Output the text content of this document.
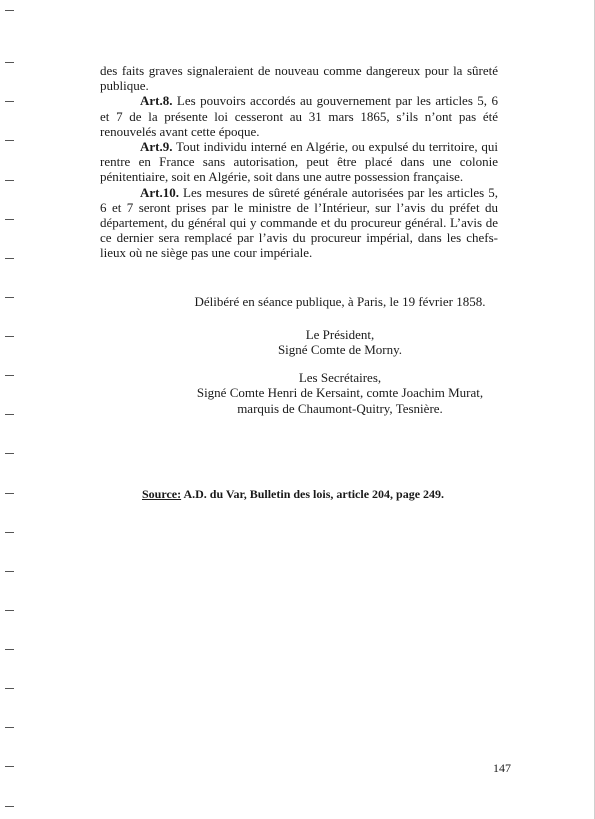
des faits graves signaleraient de nouveau comme dangereux pour la sûreté publique.

Art.8. Les pouvoirs accordés au gouvernement par les articles 5, 6 et 7 de la présente loi cesseront au 31 mars 1865, s’ils n’ont pas été renouvelés avant cette époque.

Art.9. Tout individu interné en Algérie, ou expulsé du territoire, qui rentre en France sans autorisation, peut être placé dans une colonie pénitentiaire, soit en Algérie, soit dans une autre possession française.

Art.10. Les mesures de sûreté générale autorisées par les articles 5, 6 et 7 seront prises par le ministre de l’Intérieur, sur l’avis du préfet du département, du général qui y commande et du procureur général. L’avis de ce dernier sera remplacé par l’avis du procureur impérial, dans les chefs-lieux où ne siège pas une cour impériale.

Délibéré en séance publique, à Paris, le 19 février 1858.

Le Président,

Signé Comte de Morny.

Les Secrétaires,

Signé Comte Henri de Kersaint, comte Joachim Murat,

marquis de Chaumont-Quitry, Tesnière.

Source: A.D. du Var, Bulletin des lois, article 204, page 249.
147
